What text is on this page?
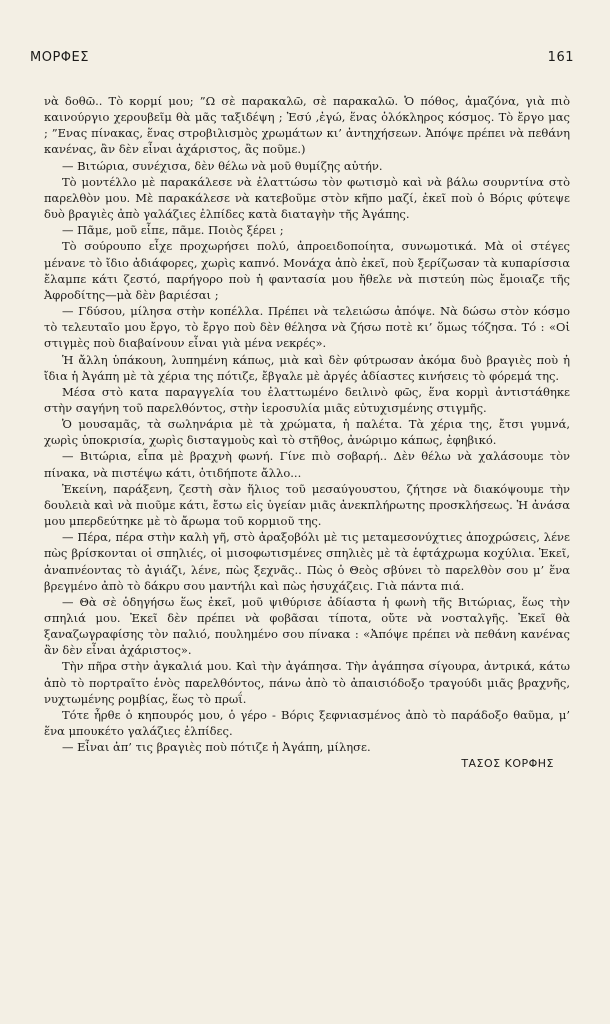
ΜΟΡΦΕΣ	161

νὰ δοθῶ.. Τὸ κορμί μου; ”Ω σὲ παρακαλῶ, σὲ παρακαλῶ. Ὁ πόθος, ἀμαζόνα, γιὰ πιὸ καινούργιο χερουβεῖμ θὰ μᾶς ταξιδέψη ; Ἐσύ ,ἐγώ, ἕνας ὁλόκληρος κόσμος. Τὸ ἔργο μας ; ”Ενας πίνακας, ἕνας στροβιλισμὸς χρωμάτων κι’ ἀντηχήσεων. Ἀπόψε πρέπει νὰ πεθάνη κανένας, ἂν δὲν εἶναι ἀχάριστος, ἂς ποῦμε.)

— Βιτώρια, συνέχισα, δὲν θέλω νὰ μοῦ θυμίζης αὐτήν.

Τὸ μοντέλλο μὲ παρακάλεσε νὰ ἐλαττώσω τὸν φωτισμὸ καὶ νὰ βάλω σουρντίνα στὸ παρελθὸν μου. Μὲ παρακάλεσε νὰ κατεβοῦμε στὸν κῆπο μαζί, ἐκεῖ ποὺ ὁ Βόρις φύτεψε δυὸ βραγιὲς ἀπὸ γαλάζιες ἐλπίδες κατὰ διαταγὴν τῆς Ἀγάπης.

— Πᾶμε, μοῦ εἶπε, πᾶμε. Ποιὸς ξέρει ;

Τὸ σούρουπο εἶχε προχωρήσει πολύ, ἀπροειδοποίητα, συνωμοτικά. Μὰ οἱ στέγες μένανε τὸ ἴδιο ἀδιάφορες, χωρὶς καπνό. Μονάχα ἀπὸ ἐκεῖ, ποὺ ξερίζωσαν τὰ κυπαρίσσια ἔλαμπε κάτι ζεστό, παρήγορο ποὺ ἡ φαντασία μου ἤθελε νὰ πιστεύη πὼς ἔμοιαζε τῆς Ἀφροδίτης—μὰ δὲν βαριέσαι ;

— Γδύσου, μίλησα στὴν κοπέλλα. Πρέπει νὰ τελειώσω ἀπόψε. Νὰ δώσω στὸν κόσμο τὸ τελευταῖο μου ἔργο, τὸ ἔργο ποὺ δὲν θέλησα νὰ ζήσω ποτὲ κι’ ὅμως τόζησα. Τό : «Οἱ στιγμὲς ποὺ διαβαίνουν εἶναι γιὰ μένα νεκρές».

Ἡ ἄλλη ὑπάκουη, λυπημένη κάπως, μιὰ καὶ δὲν φύτρωσαν ἀκόμα δυὸ βραγιὲς ποὺ ἡ ἴδια ἡ Ἀγάπη μὲ τὰ χέρια της πότιζε, ἔβγαλε μὲ ἀργές ἀδίαστες κινήσεις τὸ φόρεμά της.

Μέσα στὸ κατα παραγγελία του ἐλαττωμένο δειλινὸ φῶς, ἕνα κορμὶ ἀντιστάθηκε στὴν σαγήνη τοῦ παρελθόντος, στὴν ἱεροσυλία μιᾶς εὐτυχισμένης στιγμῆς.

Ὁ μουσαμᾶς, τὰ σωληνάρια μὲ τὰ χρώματα, ἡ παλέτα. Τὰ χέρια της, ἔτσι γυμνά, χωρὶς ὑποκρισία, χωρὶς δισταγμοὺς καὶ τὸ στῆθος, ἀνώριμο κάπως, ἐφηβικό.

— Βιτώρια, εἶπα μὲ βραχνὴ φωνή. Γίνε πιὸ σοβαρή.. Δὲν θέλω νὰ χαλάσουμε τὸν πίνακα, νὰ πιστέψω κάτι, ὁτιδήποτε ἄλλο...

Ἐκείνη, παράξενη, ζεστὴ σὰν ἥλιος τοῦ μεσαύγουστου, ζήτησε νὰ διακόψουμε τὴν δουλειὰ καὶ νὰ πιοῦμε κάτι, ἔστω εἰς ὑγείαν μιᾶς ἀνεκπλήρωτης προσκλήσεως. Ἡ ἀνάσα μου μπερδεύτηκε μὲ τὸ ἄρωμα τοῦ κορμιοῦ της.

— Πέρα, πέρα στὴν καλὴ γῆ, στὸ ἀραξοβόλι μὲ τις μεταμεσονύχτιες ἀποχρώσεις, λένε πὼς βρίσκονται οἱ σπηλιές, οἱ μισοφωτισμένες σπηλιὲς μὲ τὰ ἑφτάχρωμα κοχύλια. Ἐκεῖ, ἀναπνέοντας τὸ ἀγιάζι, λένε, πὼς ξεχνᾶς.. Πὼς ὁ Θεὸς σβύνει τὸ παρελθὸν σου μ’ ἕνα βρεγμένο ἀπὸ τὸ δάκρυ σου μαντήλι καὶ πὼς ἡσυχάζεις. Γιὰ πάντα πιά.

— Θὰ σὲ ὁδηγήσω ἕως ἐκεῖ, μοῦ ψιθύρισε ἀδίαστα ἡ φωνὴ τῆς Βιτώριας, ἕως τὴν σπηλιά μου. Ἐκεῖ δὲν πρέπει νὰ φοβᾶσαι τίποτα, οὔτε νὰ νοσταλγῆς. Ἐκεῖ θὰ ξαναζωγραφίσης τὸν παλιό, πουλημένο σου πίνακα : «Ἀπόψε πρέπει νὰ πεθάνη κανένας ἂν δὲν εἶναι ἀχάριστος».

Τὴν πῆρα στὴν ἀγκαλιά μου. Καὶ τὴν ἀγάπησα. Τὴν ἀγάπησα σίγουρα, ἀντρικά, κάτω ἀπὸ τὸ πορτραῖτο ἑνὸς παρελθόντος, πάνω ἀπὸ τὸ ἀπαισιόδοξο τραγούδι μιᾶς βραχνῆς, νυχτωμένης ρομβίας, ἕως τὸ πρωΐ.

Τότε ἦρθε ὁ κηπουρός μου, ὁ γέρο - Βόρις ξεφνιασμένος ἀπὸ τὸ παράδοξο θαῦμα, μ’ ἕνα μπουκέτο γαλάζιες ἐλπίδες.

— Εἶναι ἀπ’ τις βραγιὲς ποὺ πότιζε ἡ Ἀγάπη, μίλησε.

ΤΑΣΟΣ ΚΟΡΦΗΣ
